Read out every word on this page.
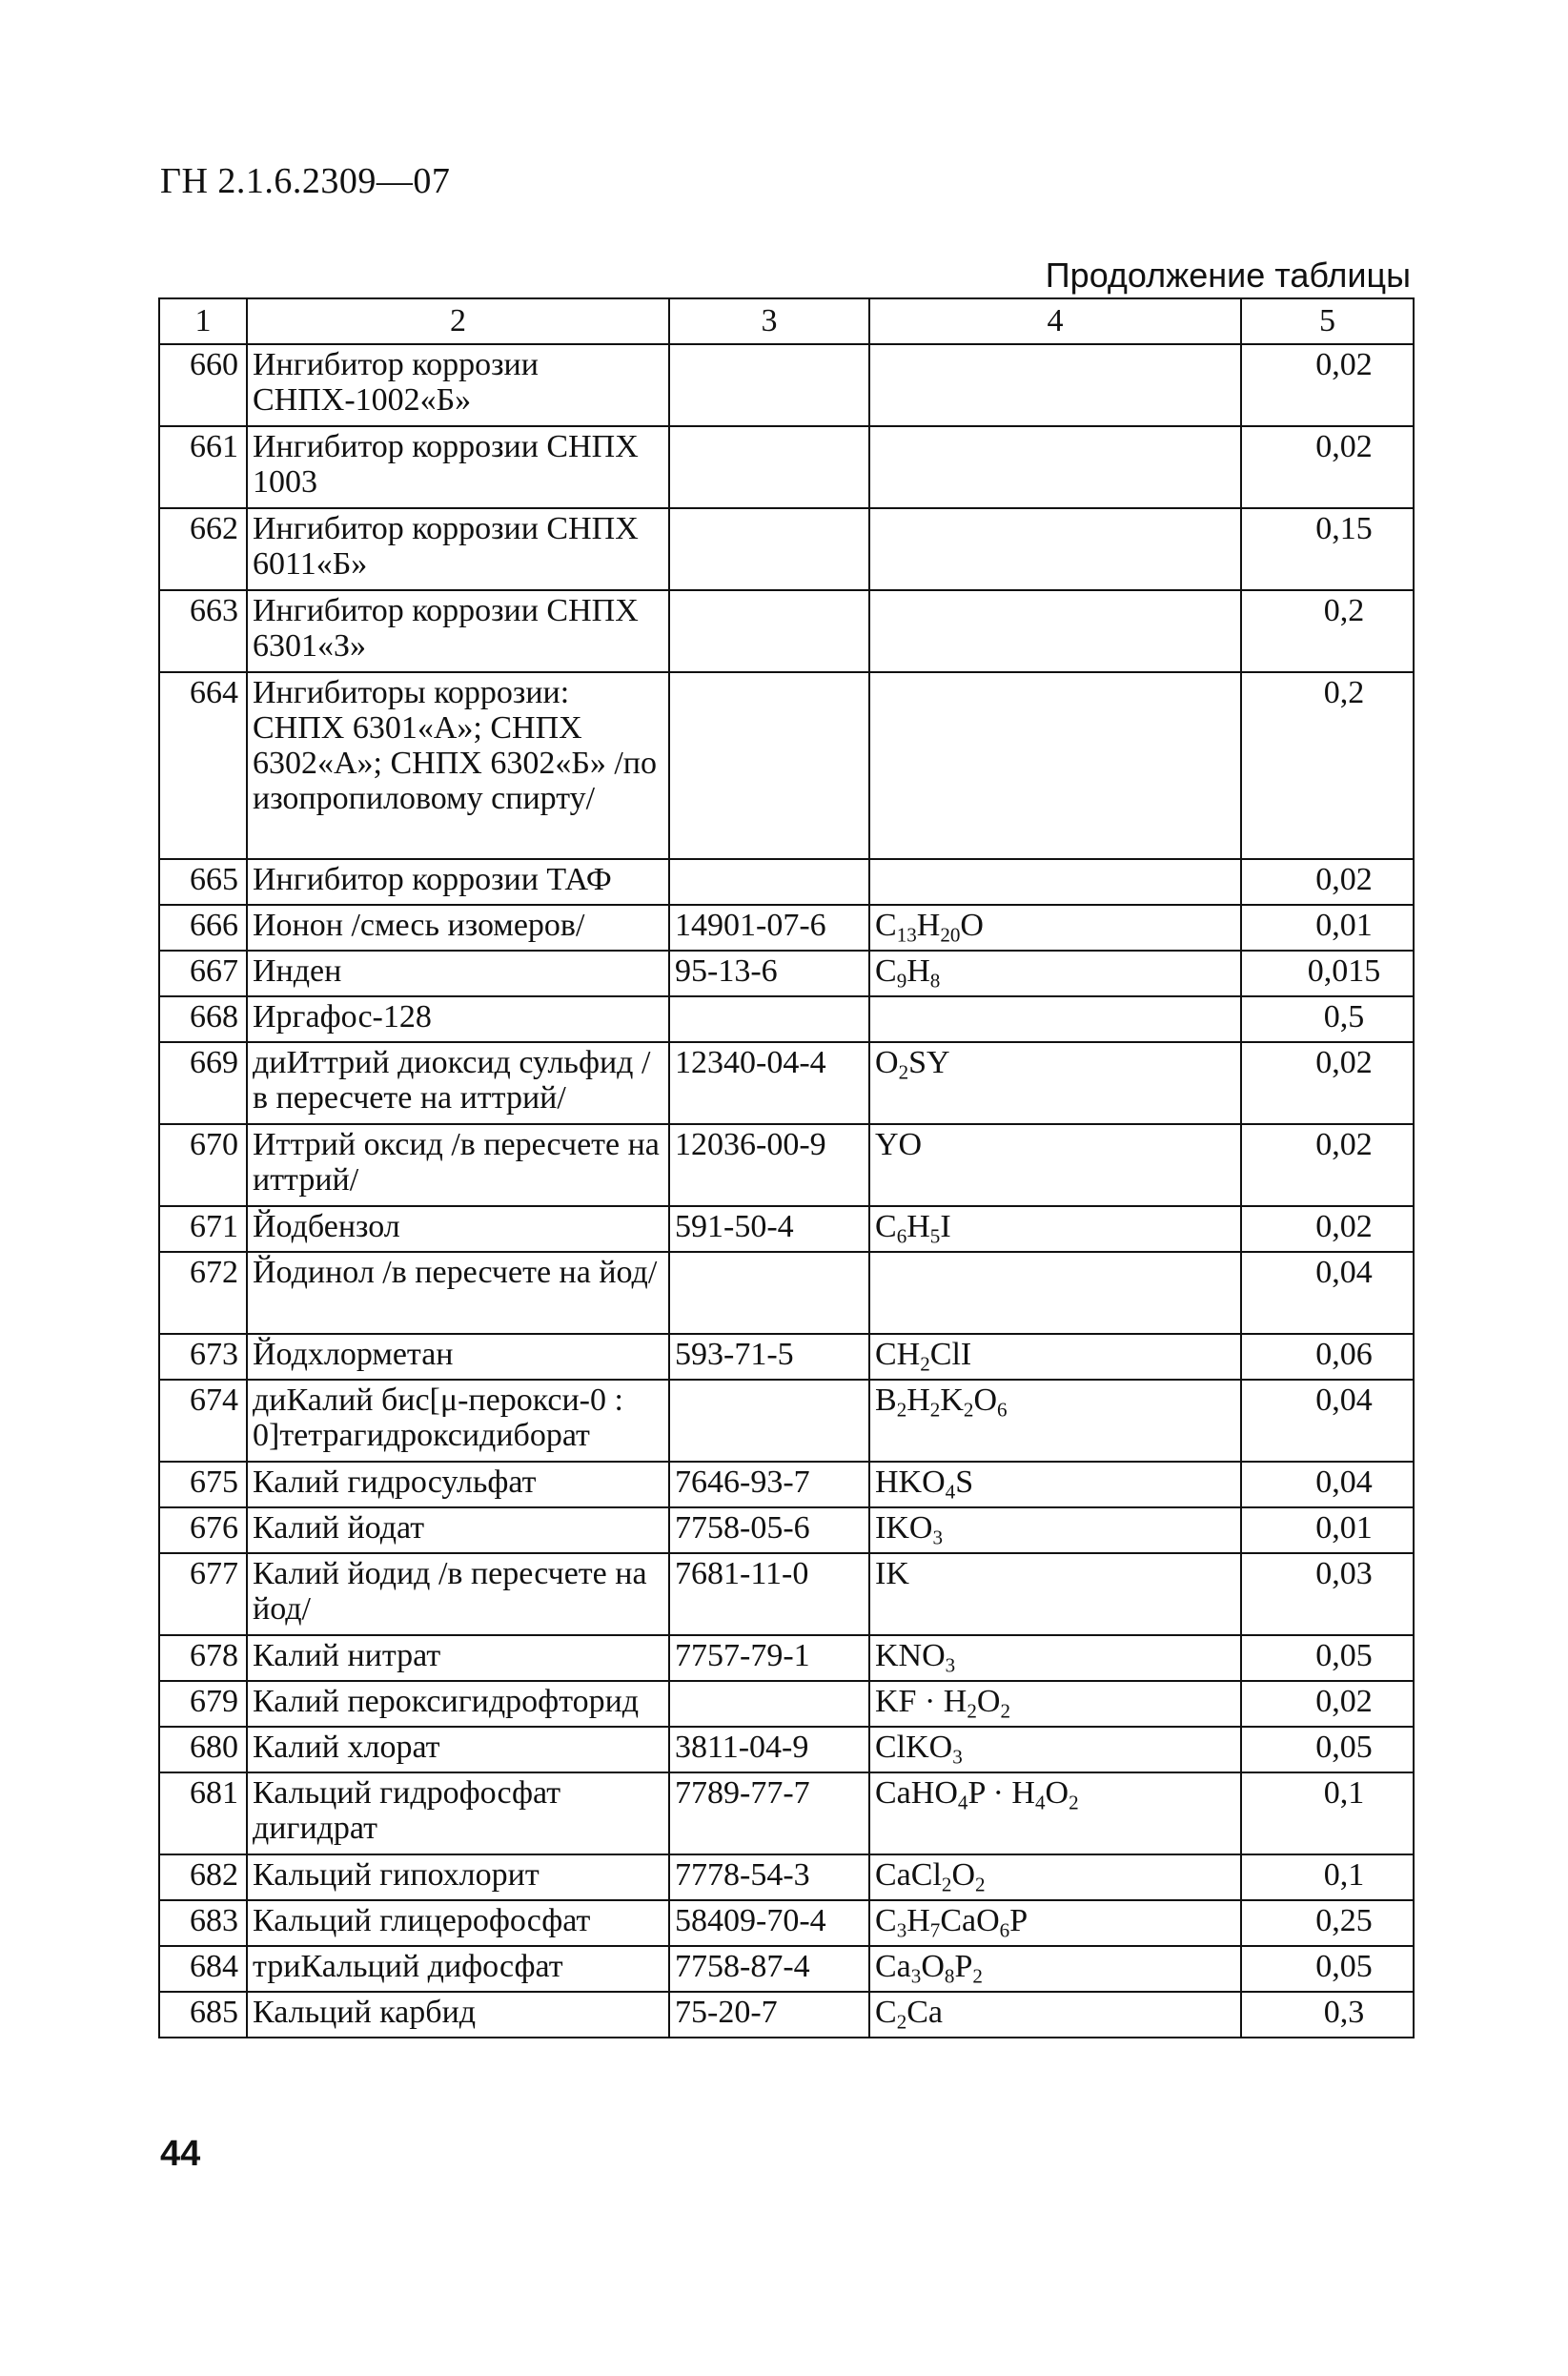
ГН 2.1.6.2309—07
Продолжение таблицы
1	2	3	4	5
660	Ингибитор коррозии СНПХ-1002«Б»			0,02
661	Ингибитор коррозии СНПХ 1003			0,02
662	Ингибитор коррозии СНПХ 6011«Б»			0,15
663	Ингибитор коррозии СНПХ 6301«З»			0,2
664	Ингибиторы коррозии: СНПХ 6301«А»; СНПХ 6302«А»; СНПХ 6302«Б» /по изопропиловому спирту/			0,2
665	Ингибитор коррозии ТАФ			0,02
666	Ионон /смесь изомеров/	14901-07-6	$C_{13}H_{20}O$	0,01
667	Инден	95-13-6	$C_9H_8$	0,015
668	Иргафос-128			0,5
669	диИттрий диоксид сульфид /в пересчете на иттрий/	12340-04-4	$O_2SY$	0,02
670	Иттрий оксид /в пересчете на иттрий/	12036-00-9	YO	0,02
671	Йодбензол	591-50-4	$C_6H_5I$	0,02
672	Йодинол /в пересчете на йод/			0,04
673	Йодхлорметан	593-71-5	$CH_2ClI$	0,06
674	диКалий бис[μ-перокси-0 : 0]тетрагидроксидиборат		$B_2H_2K_2O_6$	0,04
675	Калий гидросульфат	7646-93-7	$HKO_4S$	0,04
676	Калий йодат	7758-05-6	$IKO_3$	0,01
677	Калий йодид /в пересчете на йод/	7681-11-0	IK	0,03
678	Калий нитрат	7757-79-1	$KNO_3$	0,05
679	Калий пероксигидрофторид		KF · $H_2O_2$	0,02
680	Калий хлорат	3811-04-9	ClKO$_3$	0,05
681	Кальций гидрофосфат дигидрат	7789-77-7	CaHO$_4$P · $H_4O_2$	0,1
682	Кальций гипохлорит	7778-54-3	$CaCl_2O_2$	0,1
683	Кальций глицерофосфат	58409-70-4	$C_3H_7CaO_6P$	0,25
684	триКальций дифосфат	7758-87-4	$Ca_3O_8P_2$	0,05
685	Кальций карбид	75-20-7	$C_2Ca$	0,3
44
